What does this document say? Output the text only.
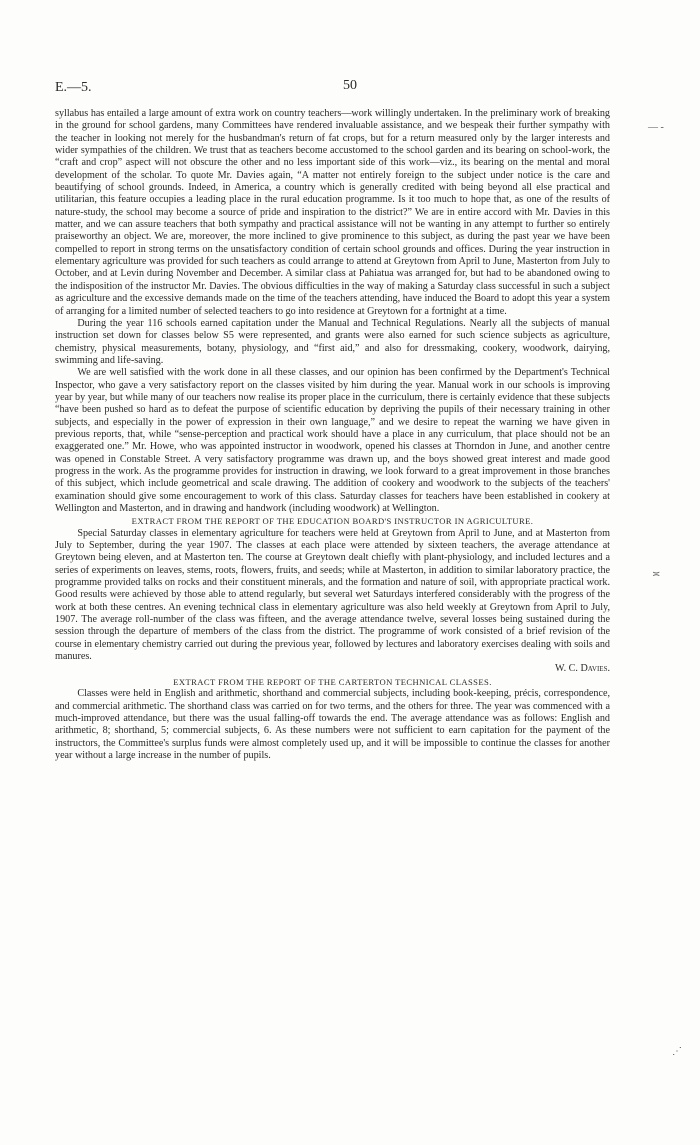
E.—5.	50
— ‐
≍
⋰

syllabus has entailed a large amount of extra work on country teachers—work willingly undertaken. In the preliminary work of breaking in the ground for school gardens, many Committees have rendered invaluable assistance, and we bespeak their further sympathy with the teacher in looking not merely for the husbandman's return of fat crops, but for a return measured only by the larger interests and wider sympathies of the children. We trust that as teachers become accustomed to the school garden and its bearing on school-work, the “craft and crop” aspect will not obscure the other and no less important side of this work—viz., its bearing on the mental and moral development of the scholar. To quote Mr. Davies again, “A matter not entirely foreign to the subject under notice is the care and beautifying of school grounds. Indeed, in America, a country which is generally credited with being beyond all else practical and utilitarian, this feature occupies a leading place in the rural education programme. Is it too much to hope that, as one of the results of nature-study, the school may become a source of pride and inspiration to the district?” We are in entire accord with Mr. Davies in this matter, and we can assure teachers that both sympathy and practical assistance will not be wanting in any attempt to further so entirely praiseworthy an object. We are, moreover, the more inclined to give prominence to this subject, as during the past year we have been compelled to report in strong terms on the unsatisfactory condition of certain school grounds and offices. During the year instruction in elementary agriculture was provided for such teachers as could arrange to attend at Greytown from April to June, Masterton from July to October, and at Levin during November and December. A similar class at Pahiatua was arranged for, but had to be abandoned owing to the indisposition of the instructor Mr. Davies. The obvious difficulties in the way of making a Saturday class successful in such a subject as agriculture and the excessive demands made on the time of the teachers attending, have induced the Board to adopt this year a system of arranging for a limited number of selected teachers to go into residence at Greytown for a fortnight at a time.

During the year 116 schools earned capitation under the Manual and Technical Regulations. Nearly all the subjects of manual instruction set down for classes below S5 were represented, and grants were also earned for such science subjects as agriculture, chemistry, physical measurements, botany, physiology, and “first aid,” and also for dressmaking, cookery, woodwork, dairying, swimming and life-saving.

We are well satisfied with the work done in all these classes, and our opinion has been confirmed by the Department's Technical Inspector, who gave a very satisfactory report on the classes visited by him during the year. Manual work in our schools is improving year by year, but while many of our teachers now realise its proper place in the curriculum, there is certainly evidence that these subjects “have been pushed so hard as to defeat the purpose of scientific education by depriving the pupils of their necessary training in other subjects, and especially in the power of expression in their own language,” and we desire to repeat the warning we have given in previous reports, that, while “sense-perception and practical work should have a place in any curriculum, that place should not be an exaggerated one.” Mr. Howe, who was appointed instructor in woodwork, opened his classes at Thorndon in June, and another centre was opened in Constable Street. A very satisfactory programme was drawn up, and the boys showed great interest and made good progress in the work. As the programme provides for instruction in drawing, we look forward to a great improvement in those branches of this subject, which include geometrical and scale drawing. The addition of cookery and woodwork to the subjects of the teachers' examination should give some encouragement to work of this class. Saturday classes for teachers have been established in cookery at Wellington and Masterton, and in drawing and handwork (including woodwork) at Wellington.

EXTRACT FROM THE REPORT OF THE EDUCATION BOARD'S INSTRUCTOR IN AGRICULTURE.

Special Saturday classes in elementary agriculture for teachers were held at Greytown from April to June, and at Masterton from July to September, during the year 1907. The classes at each place were attended by sixteen teachers, the average attendance at Greytown being eleven, and at Masterton ten. The course at Greytown dealt chiefly with plant-physiology, and included lectures and a series of experiments on leaves, stems, roots, flowers, fruits, and seeds; while at Masterton, in addition to similar laboratory practice, the programme provided talks on rocks and their constituent minerals, and the formation and nature of soil, with appropriate practical work. Good results were achieved by those able to attend regularly, but several wet Saturdays interfered considerably with the progress of the work at both these centres. An evening technical class in elementary agriculture was also held weekly at Greytown from April to July, 1907. The average roll-number of the class was fifteen, and the average attendance twelve, several losses being sustained during the session through the departure of members of the class from the district. The programme of work consisted of a brief revision of the course in elementary chemistry carried out during the previous year, followed by lectures and laboratory exercises dealing with soils and manures.

W. C. Davies.

EXTRACT FROM THE REPORT OF THE CARTERTON TECHNICAL CLASSES.

Classes were held in English and arithmetic, shorthand and commercial subjects, including book-keeping, précis, correspondence, and commercial arithmetic. The shorthand class was carried on for two terms, and the others for three. The year was commenced with a much-improved attendance, but there was the usual falling-off towards the end. The average attendance was as follows: English and arithmetic, 8; shorthand, 5; commercial subjects, 6. As these numbers were not sufficient to earn capitation for the payment of the instructors, the Committee's surplus funds were almost completely used up, and it will be impossible to continue the classes for another year without a large increase in the number of pupils.
